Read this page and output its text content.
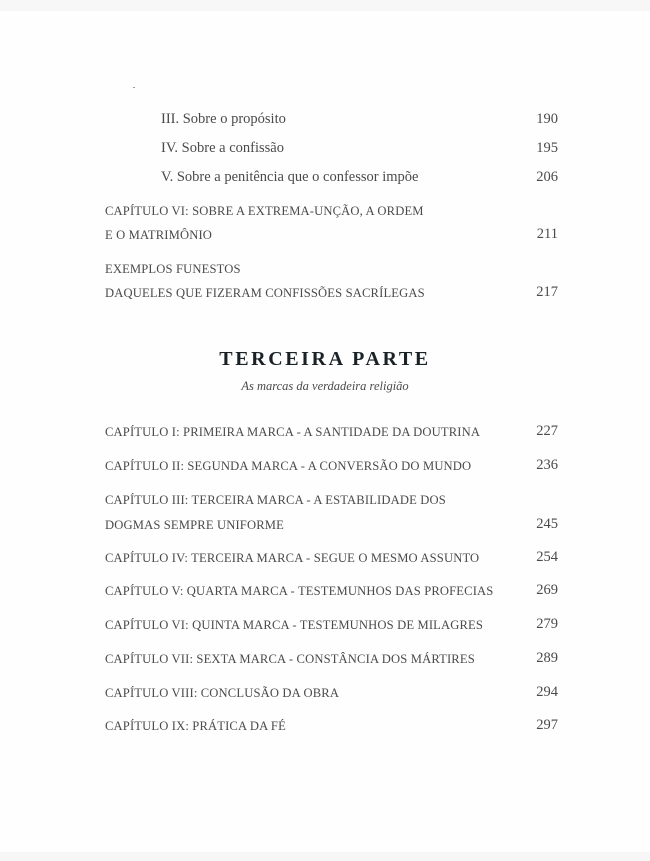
III. Sobre o propósito	190
IV. Sobre a confissão	195
V. Sobre a penitência que o confessor impõe	206
CAPÍTULO VI: SOBRE A EXTREMA-UNÇÃO, A ORDEM
E O MATRIMÔNIO	211
EXEMPLOS FUNESTOS
DAQUELES QUE FIZERAM CONFISSÕES SACRÍLEGAS	217
TERCEIRA PARTE
As marcas da verdadeira religião
CAPÍTULO I: PRIMEIRA MARCA - A SANTIDADE DA DOUTRINA	227
CAPÍTULO II: SEGUNDA MARCA - A CONVERSÃO DO MUNDO	236
CAPÍTULO III: TERCEIRA MARCA - A ESTABILIDADE DOS
DOGMAS SEMPRE UNIFORME	245
CAPÍTULO IV: TERCEIRA MARCA - SEGUE O MESMO ASSUNTO	254
CAPÍTULO V: QUARTA MARCA - TESTEMUNHOS DAS PROFECIAS	269
CAPÍTULO VI: QUINTA MARCA - TESTEMUNHOS DE MILAGRES	279
CAPÍTULO VII: SEXTA MARCA - CONSTÂNCIA DOS MÁRTIRES	289
CAPÍTULO VIII: CONCLUSÃO DA OBRA	294
CAPÍTULO IX: PRÁTICA DA FÉ	297
